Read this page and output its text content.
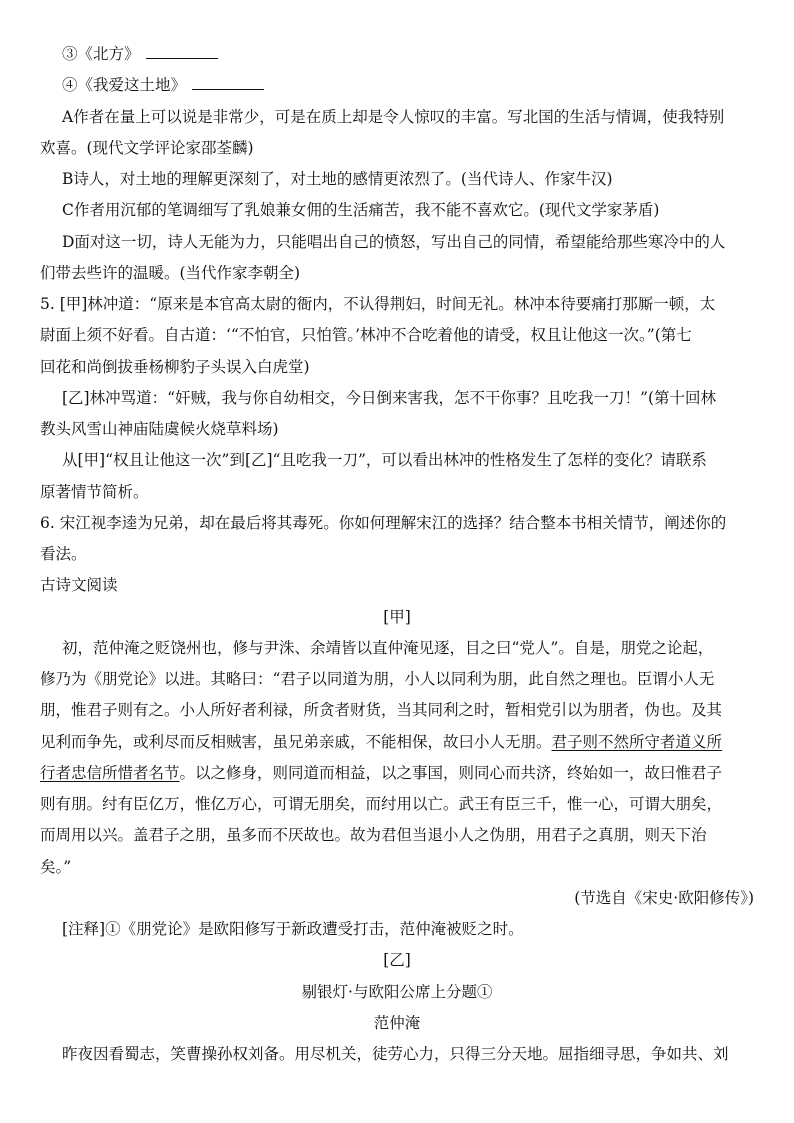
③《北方》
④《我爱这土地》
A作者在量上可以说是非常少，可是在质上却是令人惊叹的丰富。写北国的生活与情调，使我特别
欢喜。(现代文学评论家邵荃麟)
B诗人，对土地的理解更深刻了，对土地的感情更浓烈了。(当代诗人、作家牛汉)
C作者用沉郁的笔调细写了乳娘兼女佣的生活痛苦，我不能不喜欢它。(现代文学家茅盾)
D面对这一切，诗人无能为力，只能唱出自己的愤怒，写出自己的同情，希望能给那些寒冷中的人
们带去些许的温暖。(当代作家李朝全)
5. [甲]林冲道：“原来是本官高太尉的衙内，不认得荆妇，时间无礼。林冲本待要痛打那厮一顿，太
尉面上须不好看。自古道：‘“不怕官，只怕管。’林冲不合吃着他的请受，权且让他这一次。”(第七
回花和尚倒拔垂杨柳豹子头误入白虎堂)
[乙]林冲骂道：“奸贼，我与你自幼相交，今日倒来害我，怎不干你事？且吃我一刀！”(第十回林
教头风雪山神庙陆虞候火烧草料场)
从[甲]“权且让他这一次”到[乙]“且吃我一刀”，可以看出林冲的性格发生了怎样的变化？请联系
原著情节简析。
6. 宋江视李逵为兄弟，却在最后将其毒死。你如何理解宋江的选择？结合整本书相关情节，阐述你的
看法。
古诗文阅读
[甲]
初，范仲淹之贬饶州也，修与尹洙、余靖皆以直仲淹见逐，目之曰“党人”。自是，朋党之论起，
修乃为《朋党论》以进。其略曰：“君子以同道为朋，小人以同利为朋，此自然之理也。臣谓小人无
朋，惟君子则有之。小人所好者利禄，所贪者财货，当其同利之时，暂相党引以为朋者，伪也。及其
见利而争先，或利尽而反相贼害，虽兄弟亲戚，不能相保，故曰小人无朋。君子则不然所守者道义所
行者忠信所惜者名节。以之修身，则同道而相益，以之事国，则同心而共济，终始如一，故曰惟君子
则有朋。纣有臣亿万，惟亿万心，可谓无朋矣，而纣用以亡。武王有臣三千，惟一心，可谓大朋矣，
而周用以兴。盖君子之朋，虽多而不厌故也。故为君但当退小人之伪朋，用君子之真朋，则天下治
矣。”
(节选自《宋史·欧阳修传》)
[注释]①《朋党论》是欧阳修写于新政遭受打击，范仲淹被贬之时。
[乙]
剔银灯·与欧阳公席上分题①
范仲淹
昨夜因看蜀志，笑曹操孙权刘备。用尽机关，徒劳心力，只得三分天地。屈指细寻思，争如共、刘
